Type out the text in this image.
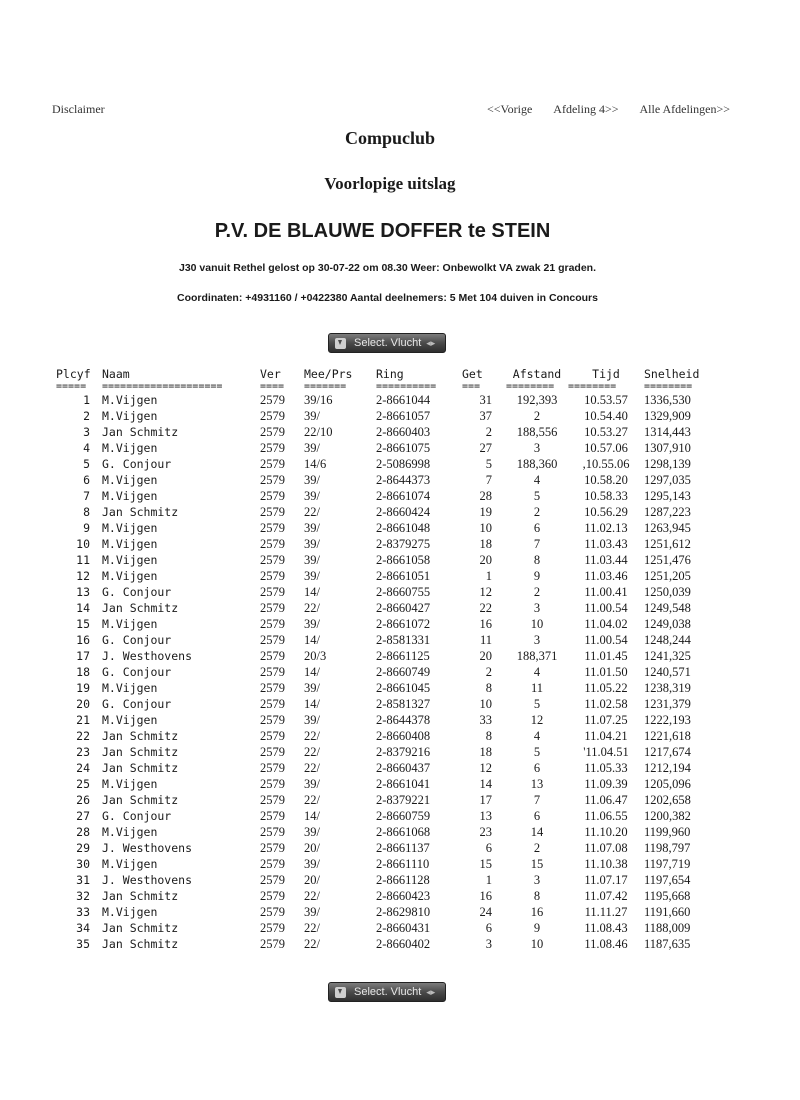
Disclaimer	<<Vorige Afdeling 4>> Alle Afdelingen>>
Compuclub
Voorlopige uitslag
P.V. DE BLAUWE DOFFER te STEIN
J30 vanuit Rethel gelost op 30-07-22 om 08.30 Weer: Onbewolkt VA zwak 21 graden.
Coordinaten: +4931160 / +0422380 Aantal deelnemers: 5 Met 104 duiven in Concours
Select. Vlucht ◂▸
Plcyf	Naam	Ver	Mee/Prs	Ring	Get	Afstand	Tijd	Snelheid
=====	====================	====	=======	==========	===	========	========	========
1	M.Vijgen	2579	39/16	2-8661044	31	192,393	10.53.57	1336,530
2	M.Vijgen	2579	39/	2-8661057	37	2	10.54.40	1329,909
3	Jan Schmitz	2579	22/10	2-8660403	2	188,556	10.53.27	1314,443
4	M.Vijgen	2579	39/	2-8661075	27	3	10.57.06	1307,910
5	G. Conjour	2579	14/6	2-5086998	5	188,360	,10.55.06	1298,139
6	M.Vijgen	2579	39/	2-8644373	7	4	10.58.20	1297,035
7	M.Vijgen	2579	39/	2-8661074	28	5	10.58.33	1295,143
8	Jan Schmitz	2579	22/	2-8660424	19	2	10.56.29	1287,223
9	M.Vijgen	2579	39/	2-8661048	10	6	11.02.13	1263,945
10	M.Vijgen	2579	39/	2-8379275	18	7	11.03.43	1251,612
11	M.Vijgen	2579	39/	2-8661058	20	8	11.03.44	1251,476
12	M.Vijgen	2579	39/	2-8661051	1	9	11.03.46	1251,205
13	G. Conjour	2579	14/	2-8660755	12	2	11.00.41	1250,039
14	Jan Schmitz	2579	22/	2-8660427	22	3	11.00.54	1249,548
15	M.Vijgen	2579	39/	2-8661072	16	10	11.04.02	1249,038
16	G. Conjour	2579	14/	2-8581331	11	3	11.00.54	1248,244
17	J. Westhovens	2579	20/3	2-8661125	20	188,371	11.01.45	1241,325
18	G. Conjour	2579	14/	2-8660749	2	4	11.01.50	1240,571
19	M.Vijgen	2579	39/	2-8661045	8	11	11.05.22	1238,319
20	G. Conjour	2579	14/	2-8581327	10	5	11.02.58	1231,379
21	M.Vijgen	2579	39/	2-8644378	33	12	11.07.25	1222,193
22	Jan Schmitz	2579	22/	2-8660408	8	4	11.04.21	1221,618
23	Jan Schmitz	2579	22/	2-8379216	18	5	'11.04.51	1217,674
24	Jan Schmitz	2579	22/	2-8660437	12	6	11.05.33	1212,194
25	M.Vijgen	2579	39/	2-8661041	14	13	11.09.39	1205,096
26	Jan Schmitz	2579	22/	2-8379221	17	7	11.06.47	1202,658
27	G. Conjour	2579	14/	2-8660759	13	6	11.06.55	1200,382
28	M.Vijgen	2579	39/	2-8661068	23	14	11.10.20	1199,960
29	J. Westhovens	2579	20/	2-8661137	6	2	11.07.08	1198,797
30	M.Vijgen	2579	39/	2-8661110	15	15	11.10.38	1197,719
31	J. Westhovens	2579	20/	2-8661128	1	3	11.07.17	1197,654
32	Jan Schmitz	2579	22/	2-8660423	16	8	11.07.42	1195,668
33	M.Vijgen	2579	39/	2-8629810	24	16	11.11.27	1191,660
34	Jan Schmitz	2579	22/	2-8660431	6	9	11.08.43	1188,009
35	Jan Schmitz	2579	22/	2-8660402	3	10	11.08.46	1187,635
Select. Vlucht ◂▸
